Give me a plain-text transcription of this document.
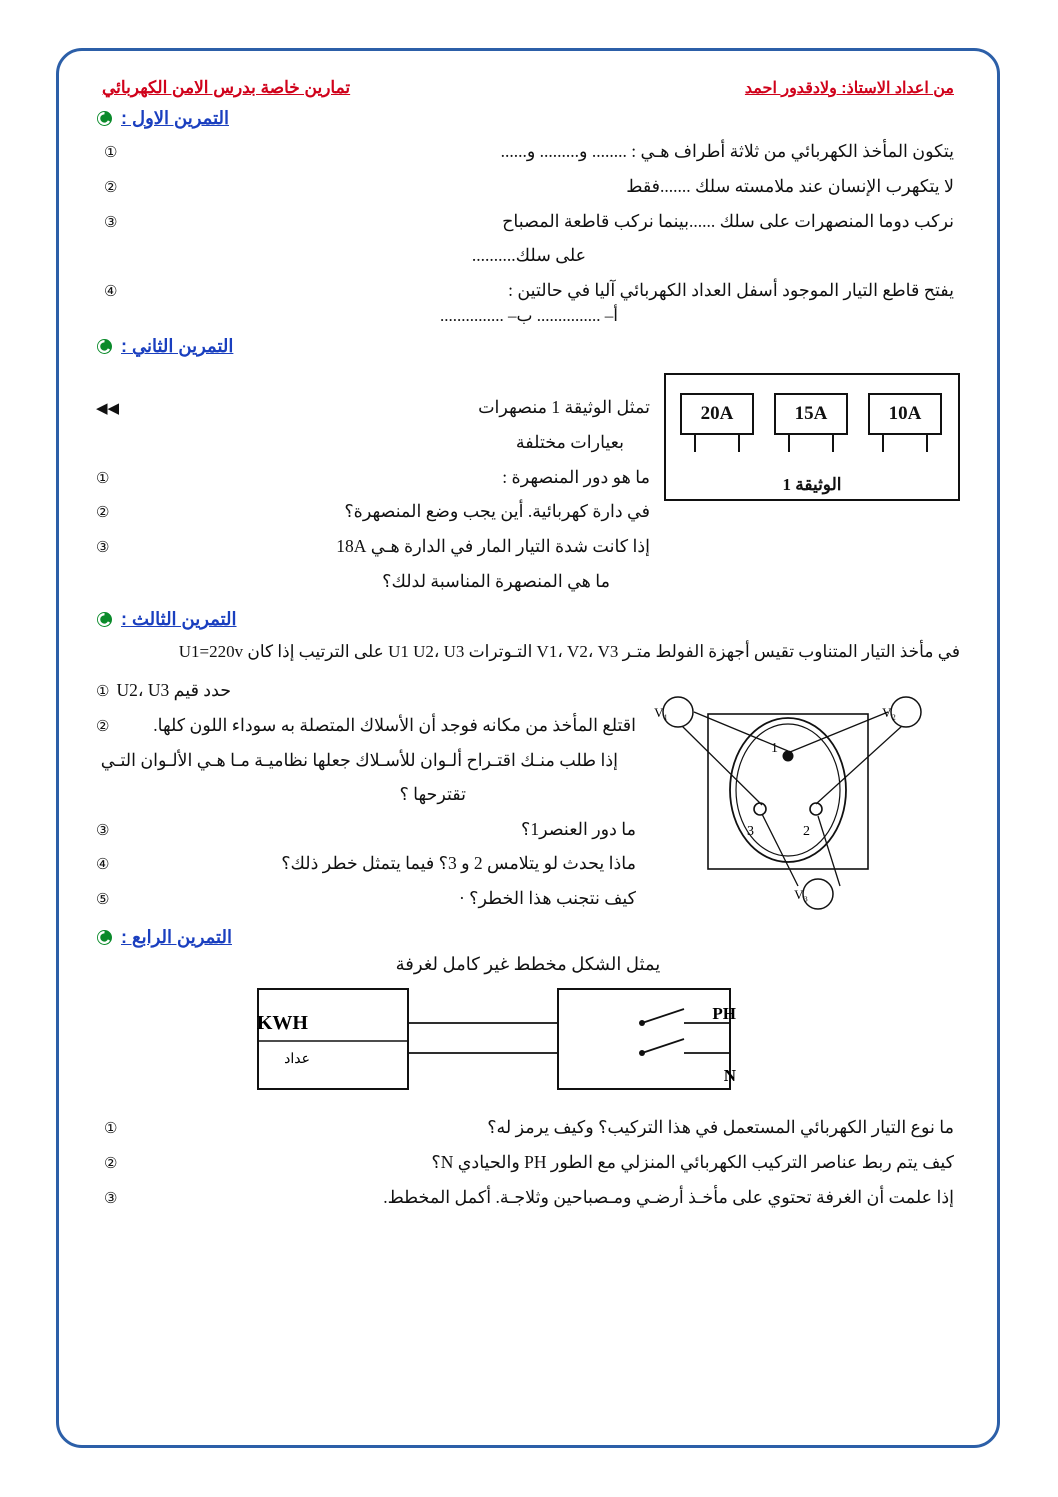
تمارين خاصة بدرس الامن الكهربائي	من اعداد الاستاذ: ولادقدور احمد
التمرين الاول :
①	يتكون المأخذ الكهربائي من ثلاثة أطراف هـي : ........ و......... و......
②	لا يتكهرب الإنسان عند ملامسته سلك .......فقط
③	نركب دوما المنصهرات على سلك ......بينما نركب قاطعة المصباح
على سلك..........
④	يفتح قاطع التيار الموجود أسفل العداد الكهربائي آليا في حالتين :
أ– ............... ب– ...............
التمرين الثاني :
◀◀	تمثل الوثيقة 1 منصهرات
بعيارات مختلفة
①	ما هو دور المنصهرة :
②	في دارة كهربائية. أين يجب وضع المنصهرة؟
③	إذا كانت شدة التيار المار في الدارة هـي 18A
ما هي المنصهرة المناسبة لدلك؟
10A
15A
20A
الوثيقة 1
التمرين الثالث :
في مأخذ التيار المتناوب تقيس أجهزة الفولط متـر V1، V2، V3 التـوترات U1 U2، U3 على الترتيب إذا كان U1=220v
① حدد قيم U2، U3
②	اقتلع المأخذ من مكانه فوجد أن الأسلاك المتصلة به سوداء اللون كلها.
إذا طلب منـك اقتـراح ألـوان للأسـلاك جعلها نظاميـة مـا هـي الألـوان التـي
تقترحها ؟
③	ما دور العنصر1؟
④	ماذا يحدث لو يتلامس 2 و 3؟ فيما يتمثل خطر ذلك؟
⑤	كيف نتجنب هذا الخطر؟ ·
1
2
3
V₁	V₂
V₃
التمرين الرابع :
يمثل الشكل مخطط غير كامل لغرفة
KWH
عداد
PH
N
①	ما نوع التيار الكهربائي المستعمل في هذا التركيب؟ وكيف يرمز له؟
②	كيف يتم ربط عناصر التركيب الكهربائي المنزلي مع الطور PH والحيادي N؟
③	إذا علمت أن الغرفة تحتوي على مأخـذ أرضـي ومـصباحين وثلاجـة. أكمل المخطط.
